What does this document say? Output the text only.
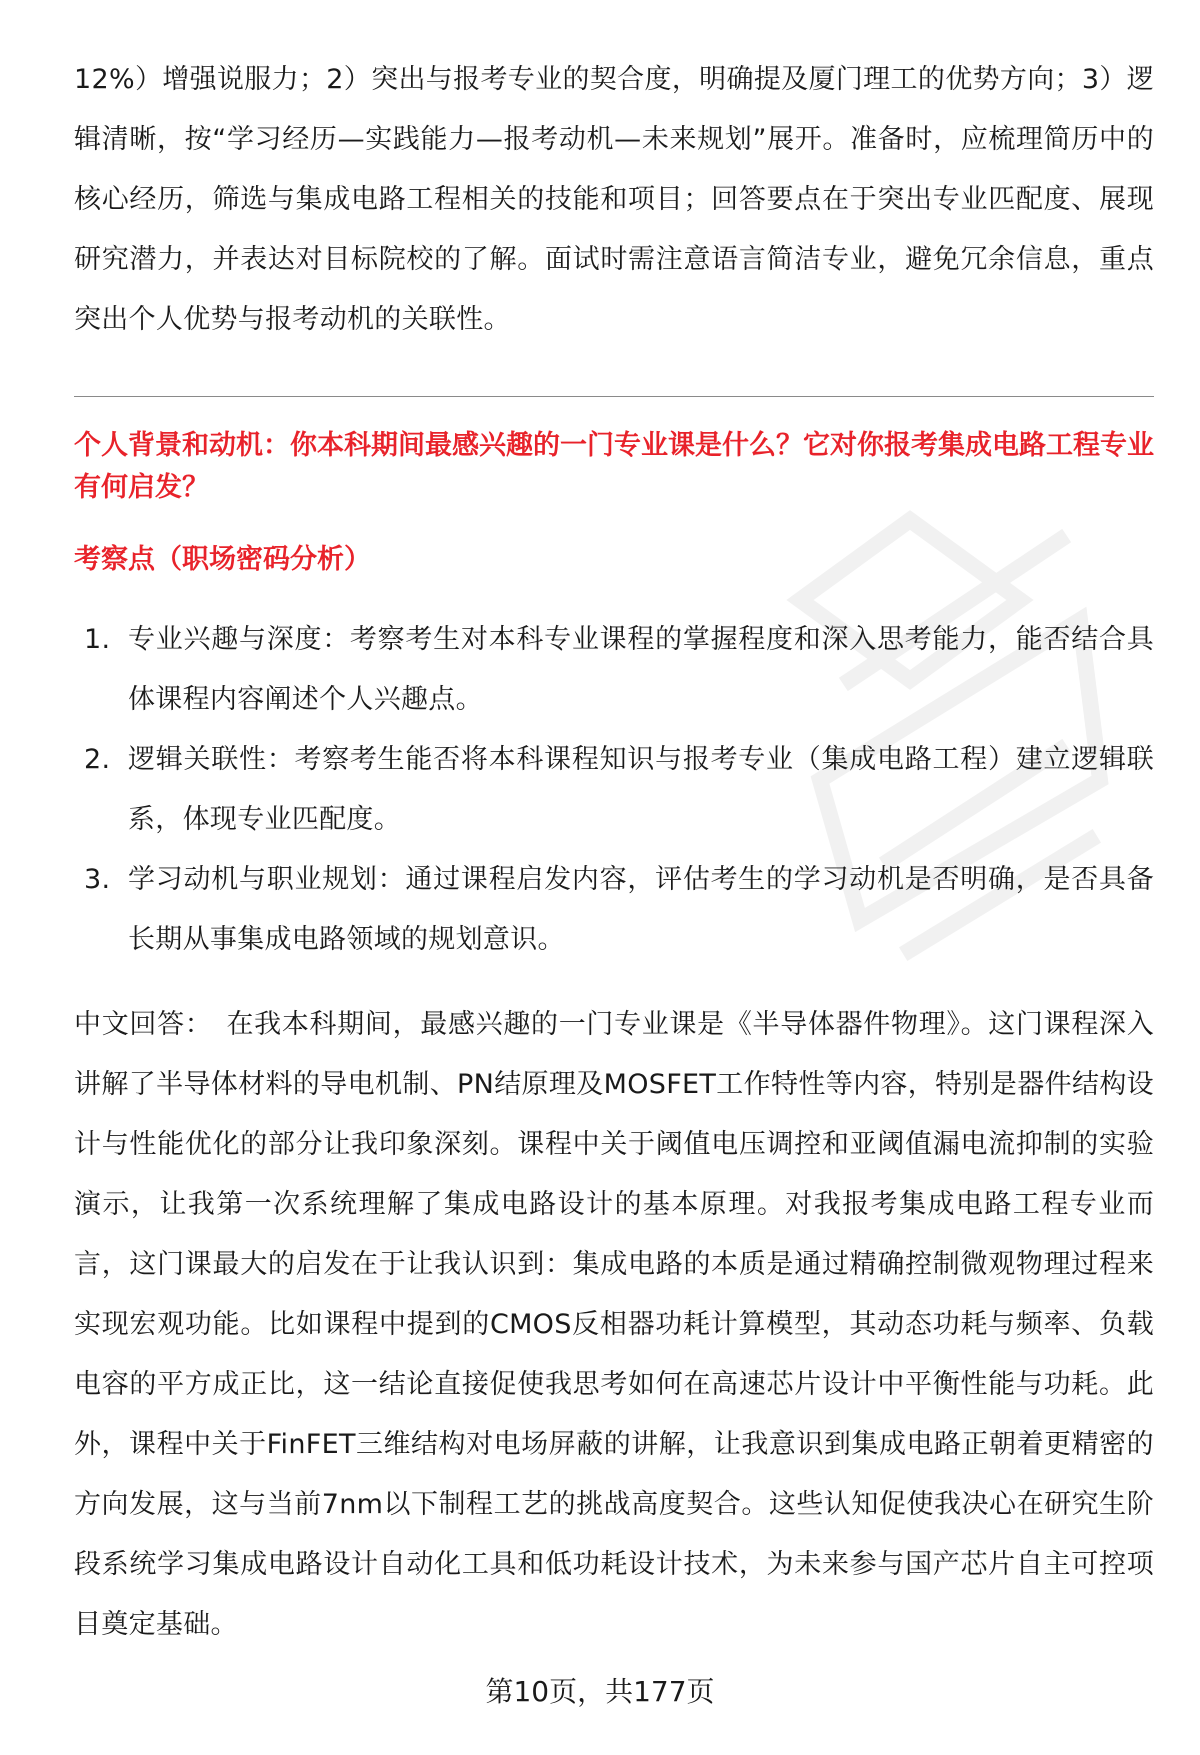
12%）增强说服力；2）突出与报考专业的契合度，明确提及厦门理工的优势方向；3）逻辑清晰，按“学习经历—实践能力—报考动机—未来规划”展开。准备时，应梳理简历中的核心经历，筛选与集成电路工程相关的技能和项目；回答要点在于突出专业匹配度、展现研究潜力，并表达对目标院校的了解。面试时需注意语言简洁专业，避免冗余信息，重点突出个人优势与报考动机的关联性。

个人背景和动机：你本科期间最感兴趣的一门专业课是什么？它对你报考集成电路工程专业有何启发？

考察点（职场密码分析）

1. 专业兴趣与深度：考察考生对本科专业课程的掌握程度和深入思考能力，能否结合具体课程内容阐述个人兴趣点。
2. 逻辑关联性：考察考生能否将本科课程知识与报考专业（集成电路工程）建立逻辑联系，体现专业匹配度。
3. 学习动机与职业规划：通过课程启发内容，评估考生的学习动机是否明确，是否具备长期从事集成电路领域的规划意识。

中文回答： 在我本科期间，最感兴趣的一门专业课是《半导体器件物理》。这门课程深入讲解了半导体材料的导电机制、PN结原理及MOSFET工作特性等内容，特别是器件结构设计与性能优化的部分让我印象深刻。课程中关于阈值电压调控和亚阈值漏电流抑制的实验演示，让我第一次系统理解了集成电路设计的基本原理。对我报考集成电路工程专业而言，这门课最大的启发在于让我认识到：集成电路的本质是通过精确控制微观物理过程来实现宏观功能。比如课程中提到的CMOS反相器功耗计算模型，其动态功耗与频率、负载电容的平方成正比，这一结论直接促使我思考如何在高速芯片设计中平衡性能与功耗。此外，课程中关于FinFET三维结构对电场屏蔽的讲解，让我意识到集成电路正朝着更精密的方向发展，这与当前7nm以下制程工艺的挑战高度契合。这些认知促使我决心在研究生阶段系统学习集成电路设计自动化工具和低功耗设计技术，为未来参与国产芯片自主可控项目奠定基础。

第10页，共177页
